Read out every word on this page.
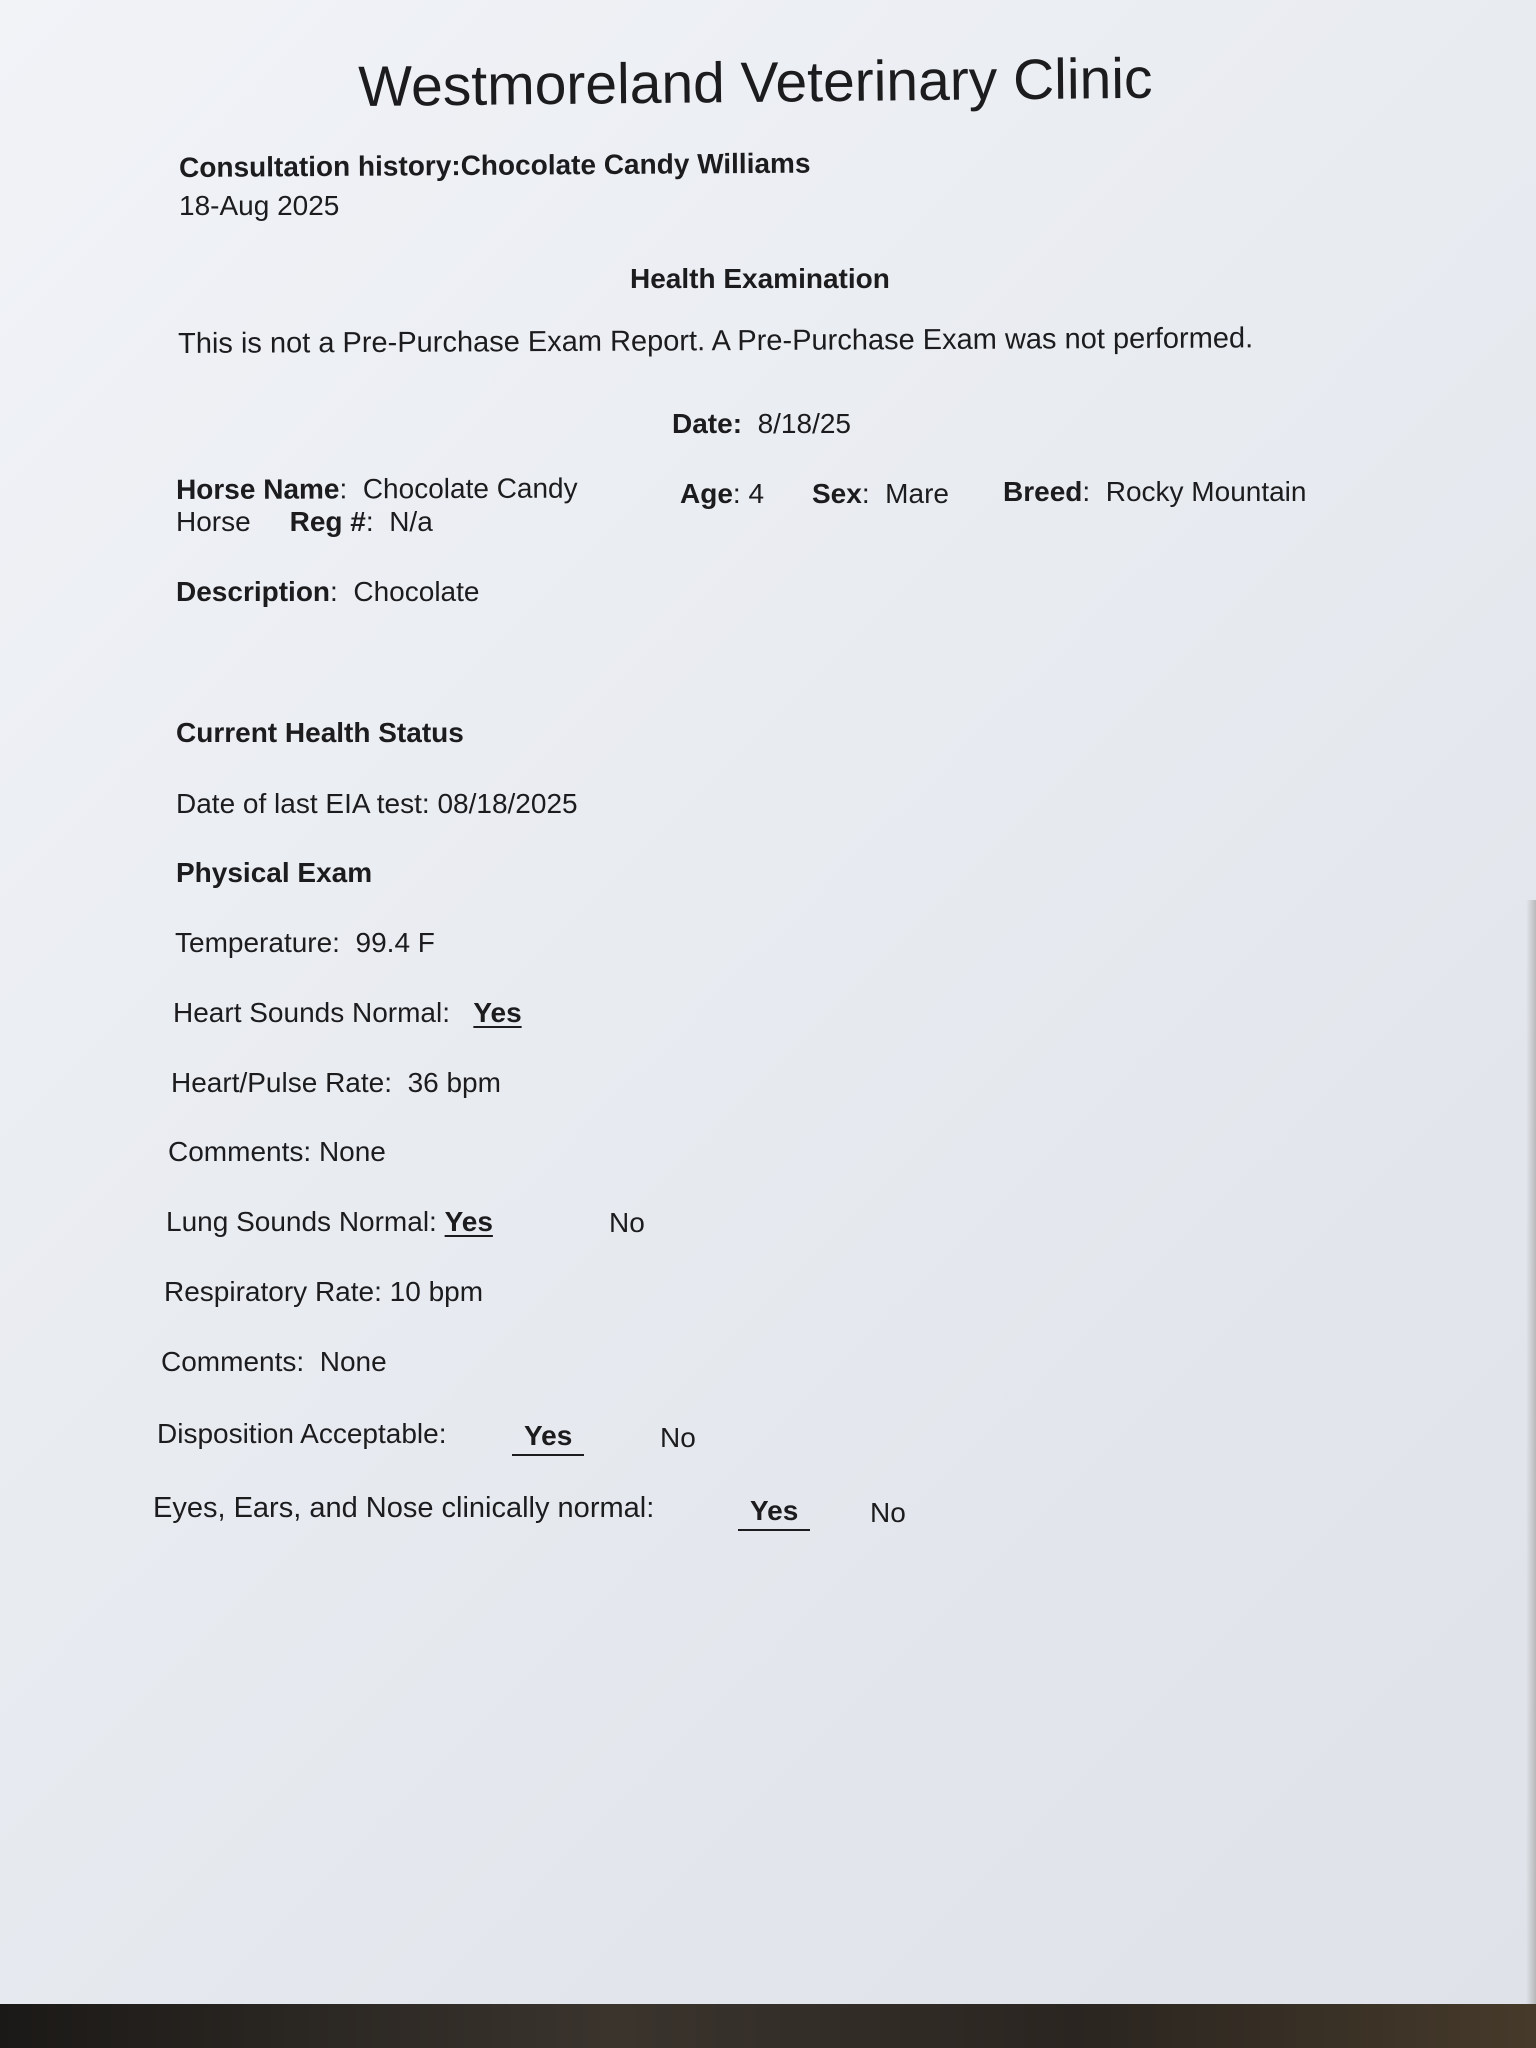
Westmoreland Veterinary Clinic
Consultation history:Chocolate Candy Williams
18-Aug 2025
Health Examination
This is not a Pre-Purchase Exam Report. A Pre-Purchase Exam was not performed.
Date: 8/18/25
Horse Name:  Chocolate Candy	Age: 4 Sex:  Mare Breed:  Rocky Mountain
Horse Reg #:  N/a
Description:  Chocolate
Current Health Status
Date of last EIA test: 08/18/2025
Physical Exam
Temperature: 99.4 F
Heart Sounds Normal: Yes
Heart/Pulse Rate: 36 bpm
Comments: None
Lung Sounds Normal: Yes	No
Respiratory Rate: 10 bpm
Comments: None
Disposition Acceptable:	Yes	No
Eyes, Ears, and Nose clinically normal:	Yes	No
